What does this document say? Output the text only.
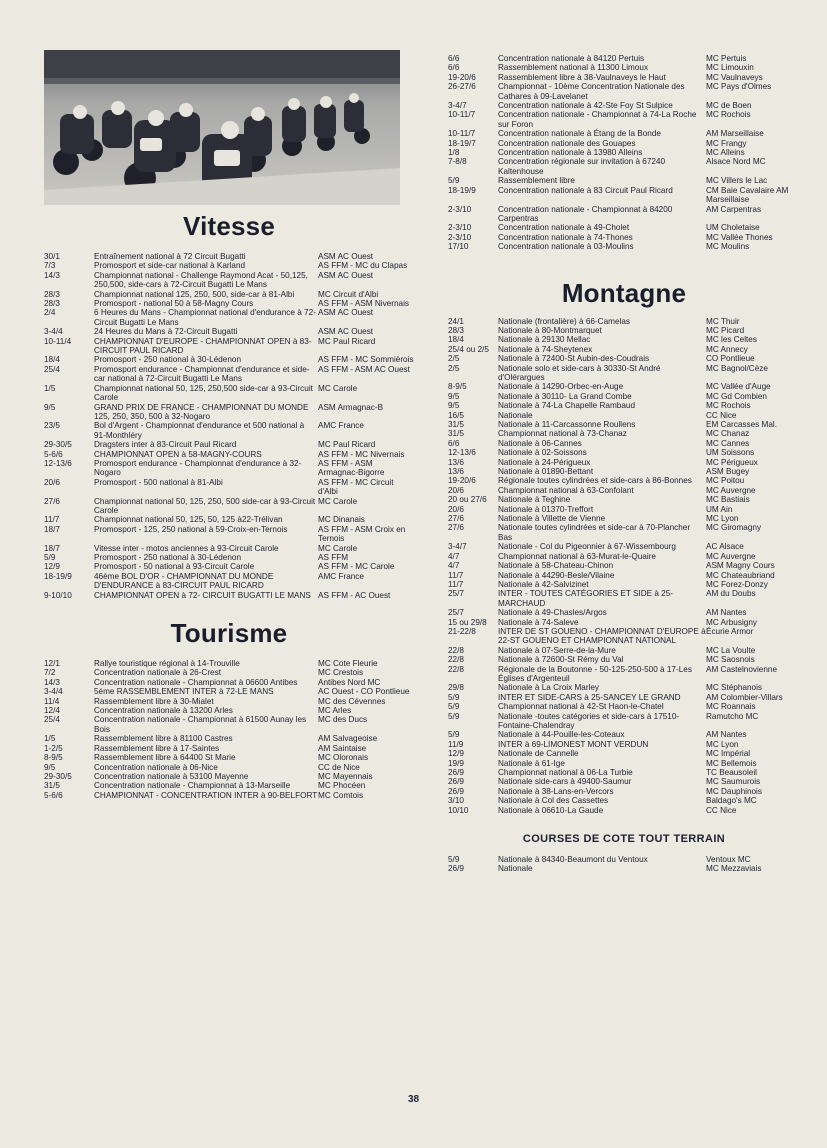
Vitesse
30/1	Entraînement national à 72 Circuit Bugatti	ASM AC Ouest
7/3	Promosport et side-car national à Karland	AS FFM - MC du Clapas
14/3	Championnat national - Challenge Raymond Acat - 50,125, 250,500, side-cars à 72-Circuit Bugatti Le Mans	ASM AC Ouest
28/3	Championnat national 125, 250, 500, side-car à 81-Albi	MC Circuit d'Albi
28/3	Promosport - national 50 à 58-Magny Cours	AS FFM - ASM Nivernais
2/4	6 Heures du Mans - Championnat national d'endurance à 72-Circuit Bugatti Le Mans	ASM AC Ouest
3-4/4	24 Heures du Mans à 72-Circuit Bugatti	ASM AC Ouest
10-11/4	CHAMPIONNAT D'EUROPE - CHAMPIONNAT OPEN à 83-CIRCUIT PAUL RICARD	MC Paul Ricard
18/4	Promosport - 250 national à 30-Lédenon	AS FFM - MC Sommièrois
25/4	Promosport endurance - Championnat d'endurance et side-car national à 72-Circuit Bugatti Le Mans	AS FFM - ASM AC Ouest
1/5	Championnat national 50, 125, 250,500 side-car à 93-Circuit Carole	MC Carole
9/5	GRAND PRIX DE FRANCE - CHAMPIONNAT DU MONDE 125, 250, 350, 500 à 32-Nogaro	ASM Armagnac-B
23/5	Bol d'Argent - Championnat d'endurance et 500 national à 91-Monthléry	AMC France
29-30/5	Dragsters inter à 83-Circuit Paul Ricard	MC Paul Ricard
5-6/6	CHAMPIONNAT OPEN à 58-MAGNY-COURS	AS FFM - MC Nivernais
12-13/6	Promosport endurance - Championnat d'endurance à 32-Nogaro	AS FFM - ASM Armagnac-Bigorre
20/6	Promosport - 500 national à 81-Albi	AS FFM - MC Circuit d'Albi
27/6	Championnat national 50, 125, 250, 500 side-car à 93-Circuit Carole	MC Carole
11/7	Championnat national 50, 125, 50, 125 à22-Trélivan	MC Dinanais
18/7	Promosport - 125, 250 national à 59-Croix-en-Ternois	AS FFM - ASM Croix en Ternois
18/7	Vitesse inter - motos anciennes à 93-Circuit Carole	MC Carole
5/9	Promosport - 250 national à 30-Lédenon	AS FFM
12/9	Promosport - 50 national à 93-Circuit Carole	AS FFM - MC Carole
18-19/9	46ème BOL D'OR - CHAMPIONNAT DU MONDE D'ENDURANCE à 83-CIRCUIT PAUL RICARD	AMC France
9-10/10	CHAMPIONNAT OPEN à 72- CIRCUIT BUGATTI LE MANS	AS FFM - AC Ouest
Tourisme
12/1	Rallye touristique régional à 14-Trouville	MC Cote Fleurie
7/2	Concentration nationale à 26-Crest	MC Crestois
14/3	Concentration nationale - Championnat à 06600 Antibes	Antibes Nord MC
3-4/4	5éme RASSEMBLEMENT INTER à 72-LE MANS	AC Ouest - CO Pontlieue
11/4	Rassemblement libre à 30-Mialet	MC des Cévennes
12/4	Concentration nationale à 13200 Arles	MC Arles
25/4	Concentration nationale - Championnat à 61500 Aunay les Bois	MC des Ducs
1/5	Rassemblement libre à 81100 Castres	AM Salvageoise
1-2/5	Rassemblement libre à 17-Saintes	AM Saintaise
8-9/5	Rassemblement libre à 64400 St Marie	MC Oloronais
9/5	Concentration nationale à 06-Nice	CC de Nice
29-30/5	Concentration nationale à 53100 Mayenne	MC Mayennais
31/5	Concentration nationale - Championnat à 13-Marseille	MC Phocéen
5-6/6	CHAMPIONNAT - CONCENTRATION INTER à 90-BELFORT	MC Comtois
6/6	Concentration nationale à 84120 Pertuis	MC Pertuis
6/6	Rassemblement national à 11300 Limoux	MC Limouxin
19-20/6	Rassemblement libre à 38-Vaulnaveys le Haut	MC Vaulnaveys
26-27/6	Championnat - 10ème Concentration Nationale des Cathares à 09-Lavelanet	MC Pays d'Olmes
3-4/7	Concentration nationale à 42-Ste Foy St Sulpice	MC de Boen
10-11/7	Concentration nationale - Championnat à 74-La Roche sur Foron	MC Rochois
10-11/7	Concentration nationale à Étang de la Bonde	AM Marseillaise
18-19/7	Concentration nationale des Gouapes	MC Frangy
1/8	Concentration nationale à 13980 Alleins	MC Alleins
7-8/8	Concentration régionale sur invitation à 67240 Kaltenhouse	Alsace Nord MC
5/9	Rassemblement libre	MC Villers le Lac
18-19/9	Concentration nationale à 83 Circuit Paul Ricard	CM Baie Cavalaire AM Marseillaise
2-3/10	Concentration nationale - Championnat à 84200 Carpentras	AM Carpentras
2-3/10	Concentration nationale à 49-Cholet	UM Choletaise
2-3/10	Concentration nationale à 74-Thones	MC Vallée Thones
17/10	Concentration nationale à 03-Moulins	MC Moulins
Montagne
24/1	Nationale (frontalière) à 66-Camelas	MC Thuir
28/3	Nationale à 80-Montmarquet	MC Picard
18/4	Nationale à 29130 Mellac	MC les Celtes
25/4 ou 2/5	Nationale à 74-Sheytenex	MC Annecy
2/5	Nationale à 72400-St Aubin-des-Coudrais	CO Pontlieue
2/5	Nationale solo et side-cars à 30330-St André d'Olérargues	MC Bagnol/Cèze
8-9/5	Nationale à 14290-Orbec-en-Auge	MC Vallée d'Auge
9/5	Nationale à 30110- La Grand Combe	MC Gd Combien
9/5	Nationale à 74-La Chapelle Rambaud	MC Rochois
16/5	Nationale	CC Nice
31/5	Nationale à 11-Carcassonne Roullens	EM Carcasses Mal.
31/5	Championnat national à 73-Chanaz	MC Chanaz
6/6	Nationale à 06-Cannes	MC Cannes
12-13/6	Nationale à 02-Soissons	UM Soissons
13/6	Nationale à 24-Périgueux	MC Périgueux
13/6	Nationale à 01890-Bettant	ASM Bugey
19-20/6	Régionale toutes cylindrées et side-cars à 86-Bonnes	MC Poitou
20/6	Championnat national à 63-Confolant	MC Auvergne
20 ou 27/6	Nationale à Teghine	MC Bastiais
20/6	Nationale à 01370-Treffort	UM Ain
27/6	Nationale à Villette de Vienne	MC Lyon
27/6	Nationale toutes cylindrées et side-car à 70-Plancher Bas	MC Giromagny
3-4/7	Nationale - Col du Pigeonnier à 67-Wissembourg	AC Alsace
4/7	Championnat national à 63-Murat-le-Quaire	MC Auvergne
4/7	Nationale à 58-Chateau-Chinon	ASM Magny Cours
11/7	Nationale à 44290-Besle/Vilaine	MC Chateaubriand
11/7	Nationale à 42-Salvizinet	MC Forez-Donzy
25/7	INTER - TOUTES CATÉGORIES ET SIDE à 25-MARCHAUD	AM du Doubs
25/7	Nationale à 49-Chasles/Argos	AM Nantes
15 ou 29/8	Nationale à 74-Saleve	MC Arbusigny
21-22/8	INTER DE ST GOUENO - CHAMPIONNAT D'EUROPE à 22-ST GOUENO ET CHAMPIONNAT NATIONAL	Écurie Armor
22/8	Nationale à 07-Serre-de-la-Mure	MC La Voulte
22/8	Nationale à 72600-St Rémy du Val	MC Saosnois
22/8	Régionale de la Boutonne - 50-125-250-500 à 17-Les Églises d'Argenteuil	AM Castelnovienne
29/8	Nationale à La Croix Marley	MC Stéphanois
5/9	INTER ET SIDE-CARS à 25-SANCEY LE GRAND	AM Colombier-Villars
5/9	Championnat national à 42-St Haon-le-Chatel	MC Roannais
5/9	Nationale -toutes catégories et side-cars à 17510-Fontaine-Chalendray	Ramutcho MC
5/9	Nationale à 44-Pouille-les-Coteaux	AM Nantes
11/9	INTER à 69-LIMONEST MONT VERDUN	MC Lyon
12/9	Nationale de Cannelle	MC Impérial
19/9	Nationale à 61-Ige	MC Bellemois
26/9	Championnat national à 06-La Turbie	TC Beausoleil
26/9	Nationale side-cars à 49400-Saumur	MC Saumurois
26/9	Nationale à 38-Lans-en-Vercors	MC Dauphinois
3/10	Nationale à Col des Cassettes	Baldago's MC
10/10	Nationale à 06610-La Gaude	CC Nice

COURSES DE COTE TOUT TERRAIN

5/9	Nationale à 84340-Beaumont du Ventoux	Ventoux MC
26/9	Nationale	MC Mezzaviais
38
